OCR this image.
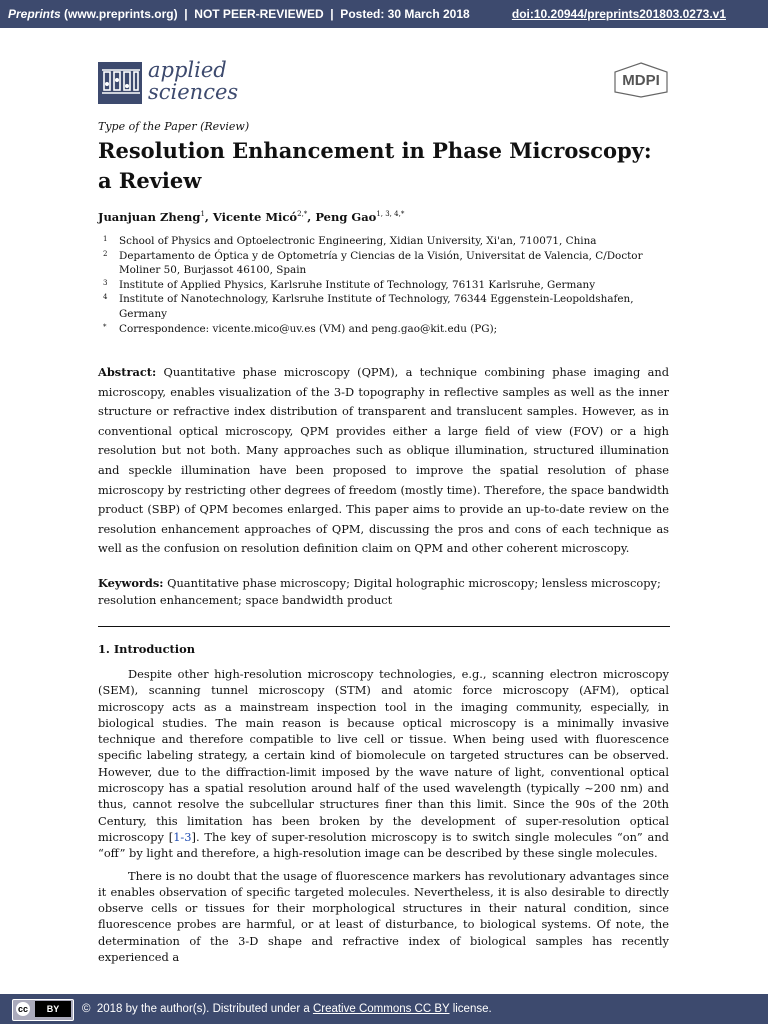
Preprints (www.preprints.org)  |  NOT PEER-REVIEWED  |  Posted: 30 March 2018	doi:10.20944/preprints201803.0273.v1
applied
sciences	MDPI
Type of the Paper (Review)
Resolution Enhancement in Phase Microscopy: a Review
Juanjuan Zheng$^1$, Vicente Micó$^{2,*}$, Peng Gao$^{1, 3, 4,*}$
1 School of Physics and Optoelectronic Engineering, Xidian University, Xi'an, 710071, China
2 Departamento de Óptica y de Optometría y Ciencias de la Visión, Universitat de Valencia, C/Doctor Moliner 50, Burjassot 46100, Spain
3 Institute of Applied Physics, Karlsruhe Institute of Technology, 76131 Karlsruhe, Germany
4 Institute of Nanotechnology, Karlsruhe Institute of Technology, 76344 Eggenstein-Leopoldshafen, Germany
* Correspondence: vicente.mico@uv.es (VM) and peng.gao@kit.edu (PG);
Abstract: Quantitative phase microscopy (QPM), a technique combining phase imaging and microscopy, enables visualization of the 3-D topography in reflective samples as well as the inner structure or refractive index distribution of transparent and translucent samples. However, as in conventional optical microscopy, QPM provides either a large field of view (FOV) or a high resolution but not both. Many approaches such as oblique illumination, structured illumination and speckle illumination have been proposed to improve the spatial resolution of phase microscopy by restricting other degrees of freedom (mostly time). Therefore, the space bandwidth product (SBP) of QPM becomes enlarged. This paper aims to provide an up-to-date review on the resolution enhancement approaches of QPM, discussing the pros and cons of each technique as well as the confusion on resolution definition claim on QPM and other coherent microscopy.
Keywords: Quantitative phase microscopy; Digital holographic microscopy; lensless microscopy; resolution enhancement; space bandwidth product
1. Introduction

Despite other high-resolution microscopy technologies, e.g., scanning electron microscopy (SEM), scanning tunnel microscopy (STM) and atomic force microscopy (AFM), optical microscopy acts as a mainstream inspection tool in the imaging community, especially, in biological studies. The main reason is because optical microscopy is a minimally invasive technique and therefore compatible to live cell or tissue. When being used with fluorescence specific labeling strategy, a certain kind of biomolecule on targeted structures can be observed. However, due to the diffraction-limit imposed by the wave nature of light, conventional optical microscopy has a spatial resolution around half of the used wavelength (typically ~200 nm) and thus, cannot resolve the subcellular structures finer than this limit. Since the 90s of the 20th Century, this limitation has been broken by the development of super-resolution optical microscopy [1-3]. The key of super-resolution microscopy is to switch single molecules “on” and “off” by light and therefore, a high-resolution image can be described by these single molecules.

There is no doubt that the usage of fluorescence markers has revolutionary advantages since it enables observation of specific targeted molecules. Nevertheless, it is also desirable to directly observe cells or tissues for their morphological structures in their natural condition, since fluorescence probes are harmful, or at least of disturbance, to biological systems. Of note, the determination of the 3-D shape and refractive index of biological samples has recently experienced a

cc	BY	©  2018 by the author(s). Distributed under a Creative Commons CC BY license.
